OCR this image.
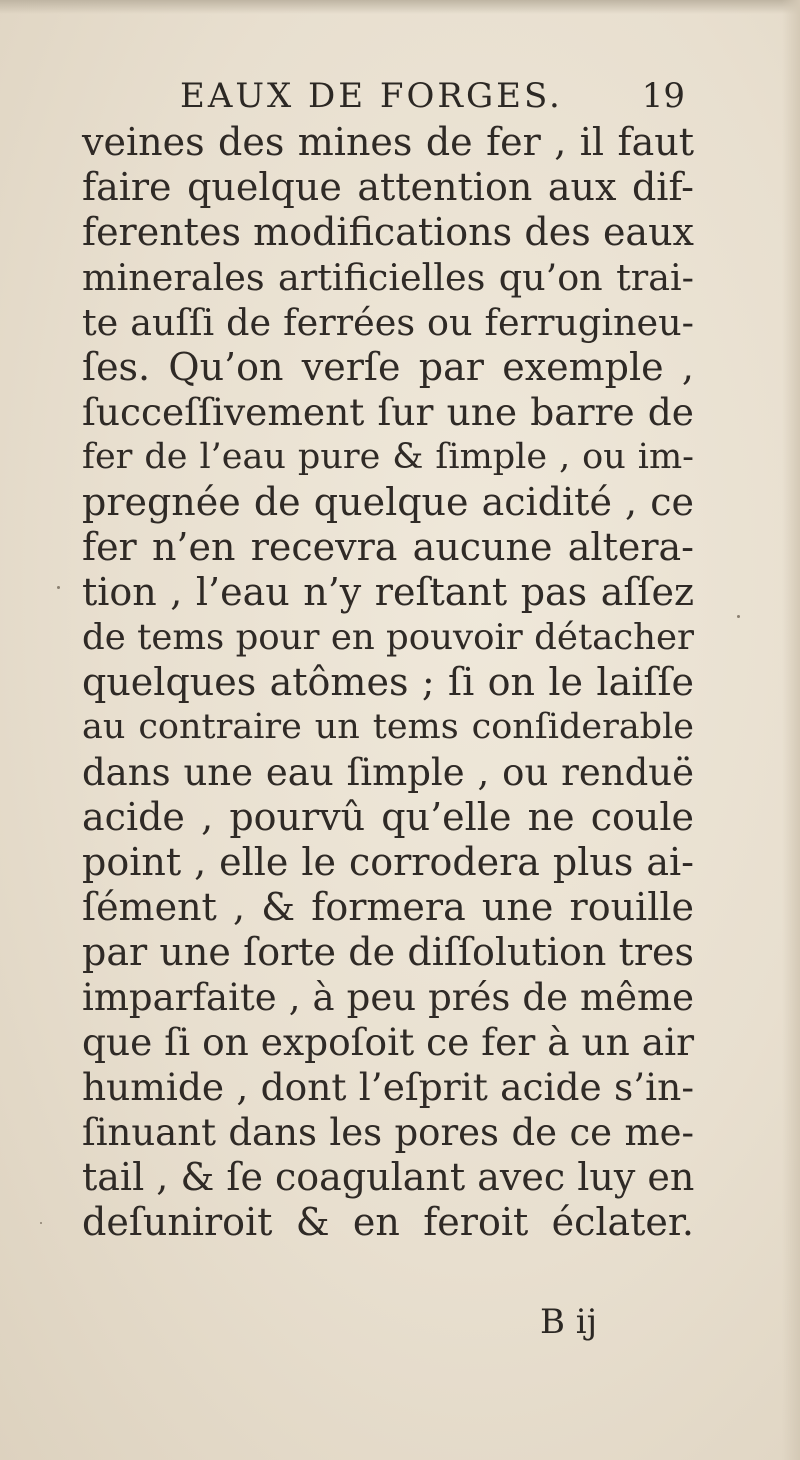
EAUX DE FORGES. 19
veines des mines de fer , il faut
faire quelque attention aux dif-
ferentes modifications des eaux
minerales artificielles qu’on trai-
te auſſi de ferrées ou ferrugineu-
ſes. Qu’on verſe par exemple ,
ſucceſſivement ſur une barre de
fer de l’eau pure & ſimple , ou im-
pregnée de quelque acidité , ce
fer n’en recevra aucune altera-
tion , l’eau n’y reſtant pas aſſez
de tems pour en pouvoir détacher
quelques atômes ; ſi on le laiſſe
au contraire un tems conſiderable
dans une eau ſimple , ou renduë
acide , pourvû qu’elle ne coule
point , elle le corrodera plus ai-
ſément , & formera une rouille
par une ſorte de diſſolution tres
imparfaite , à peu prés de même
que ſi on expoſoit ce fer à un air
humide , dont l’eſprit acide s’in-
ſinuant dans les pores de ce me-
tail , & ſe coagulant avec luy en
deſuniroit & en feroit éclater.
B ij
